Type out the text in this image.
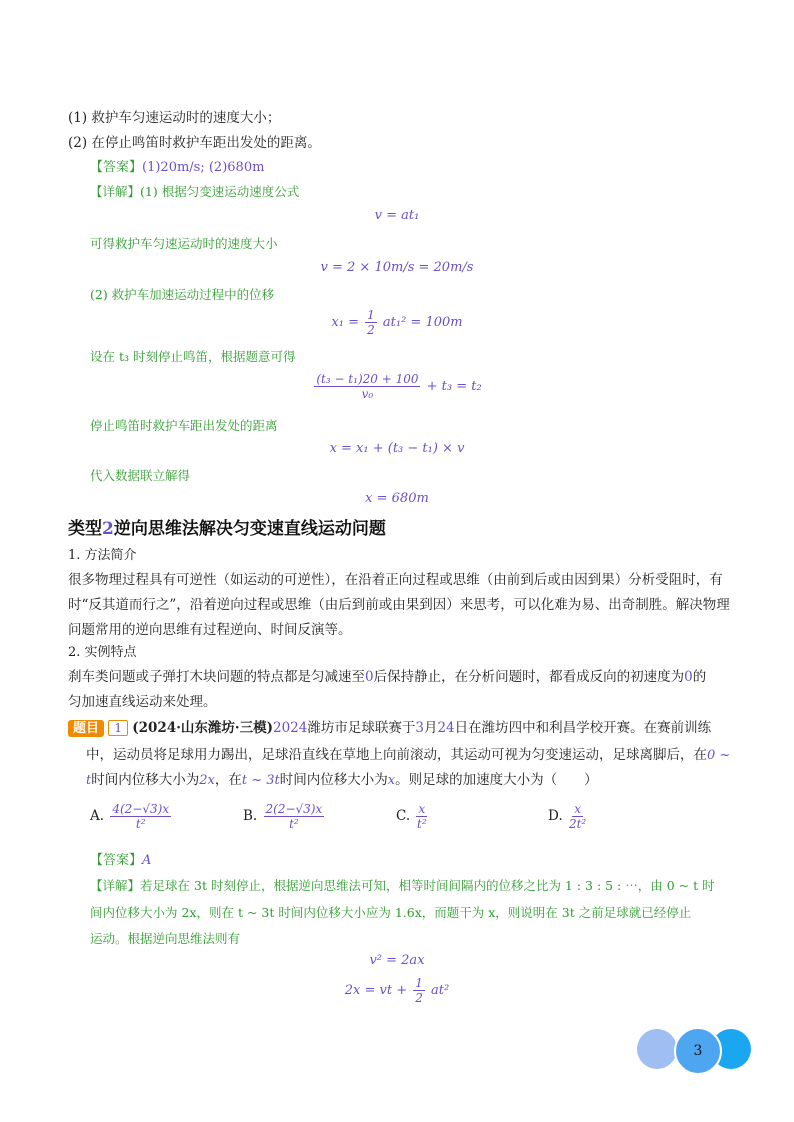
(1) 救护车匀速运动时的速度大小；
(2) 在停止鸣笛时救护车距出发处的距离。
【答案】(1)20m/s; (2)680m
【详解】(1) 根据匀变速运动速度公式
v = at₁
可得救护车匀速运动时的速度大小
v = 2 × 10m/s = 20m/s
(2) 救护车加速运动过程中的位移
$x_1 = \frac{1}{2} at_1^2 = 100m$
设在 t₃ 时刻停止鸣笛，根据题意可得
$\frac{\text{(t₃ − t₁)20 + 100}}{\text{v₀}} + t_3 = t_2$
停止鸣笛时救护车距出发处的距离
x = x₁ + (t₃ − t₁) × v
代入数据联立解得
x = 680m
类型2逆向思维法解决匀变速直线运动问题
1. 方法简介
很多物理过程具有可逆性（如运动的可逆性），在沿着正向过程或思维（由前到后或由因到果）分析受阻时，有
时“反其道而行之”，沿着逆向过程或思维（由后到前或由果到因）来思考，可以化难为易、出奇制胜。解决物理
问题常用的逆向思维有过程逆向、时间反演等。
2. 实例特点
刹车类问题或子弹打木块问题的特点都是匀减速至0后保持静止，在分析问题时，都看成反向的初速度为0的
匀加速直线运动来处理。
题目 1 (2024·山东潍坊·三模)2024潍坊市足球联赛于3月24日在潍坊四中和利昌学校开赛。在赛前训练
中，运动员将足球用力踢出，足球沿直线在草地上向前滚动，其运动可视为匀变速运动，足球离脚后，在0 ~
t时间内位移大小为2x，在t ~ 3t时间内位移大小为x。则足球的加速度大小为（　　）
A. $\frac{4(2-√3)x}{\text{t²}}$	B. $\frac{2(2-√3)x}{\text{t²}}$	C. $\frac{x}{\text{t²}}$	D. $\frac{x}{\text{2t²}}$
【答案】A
【详解】若足球在 3t 时刻停止，根据逆向思维法可知，相等时间间隔内的位移之比为 1 : 3 : 5 : ⋯，由 0 ~ t 时
间内位移大小为 2x，则在 t ~ 3t 时间内位移大小应为 1.6x，而题干为 x，则说明在 3t 之前足球就已经停止
运动。根据逆向思维法则有
v² = 2ax
2x = vt + $\frac{1}{2} at^2$
3
